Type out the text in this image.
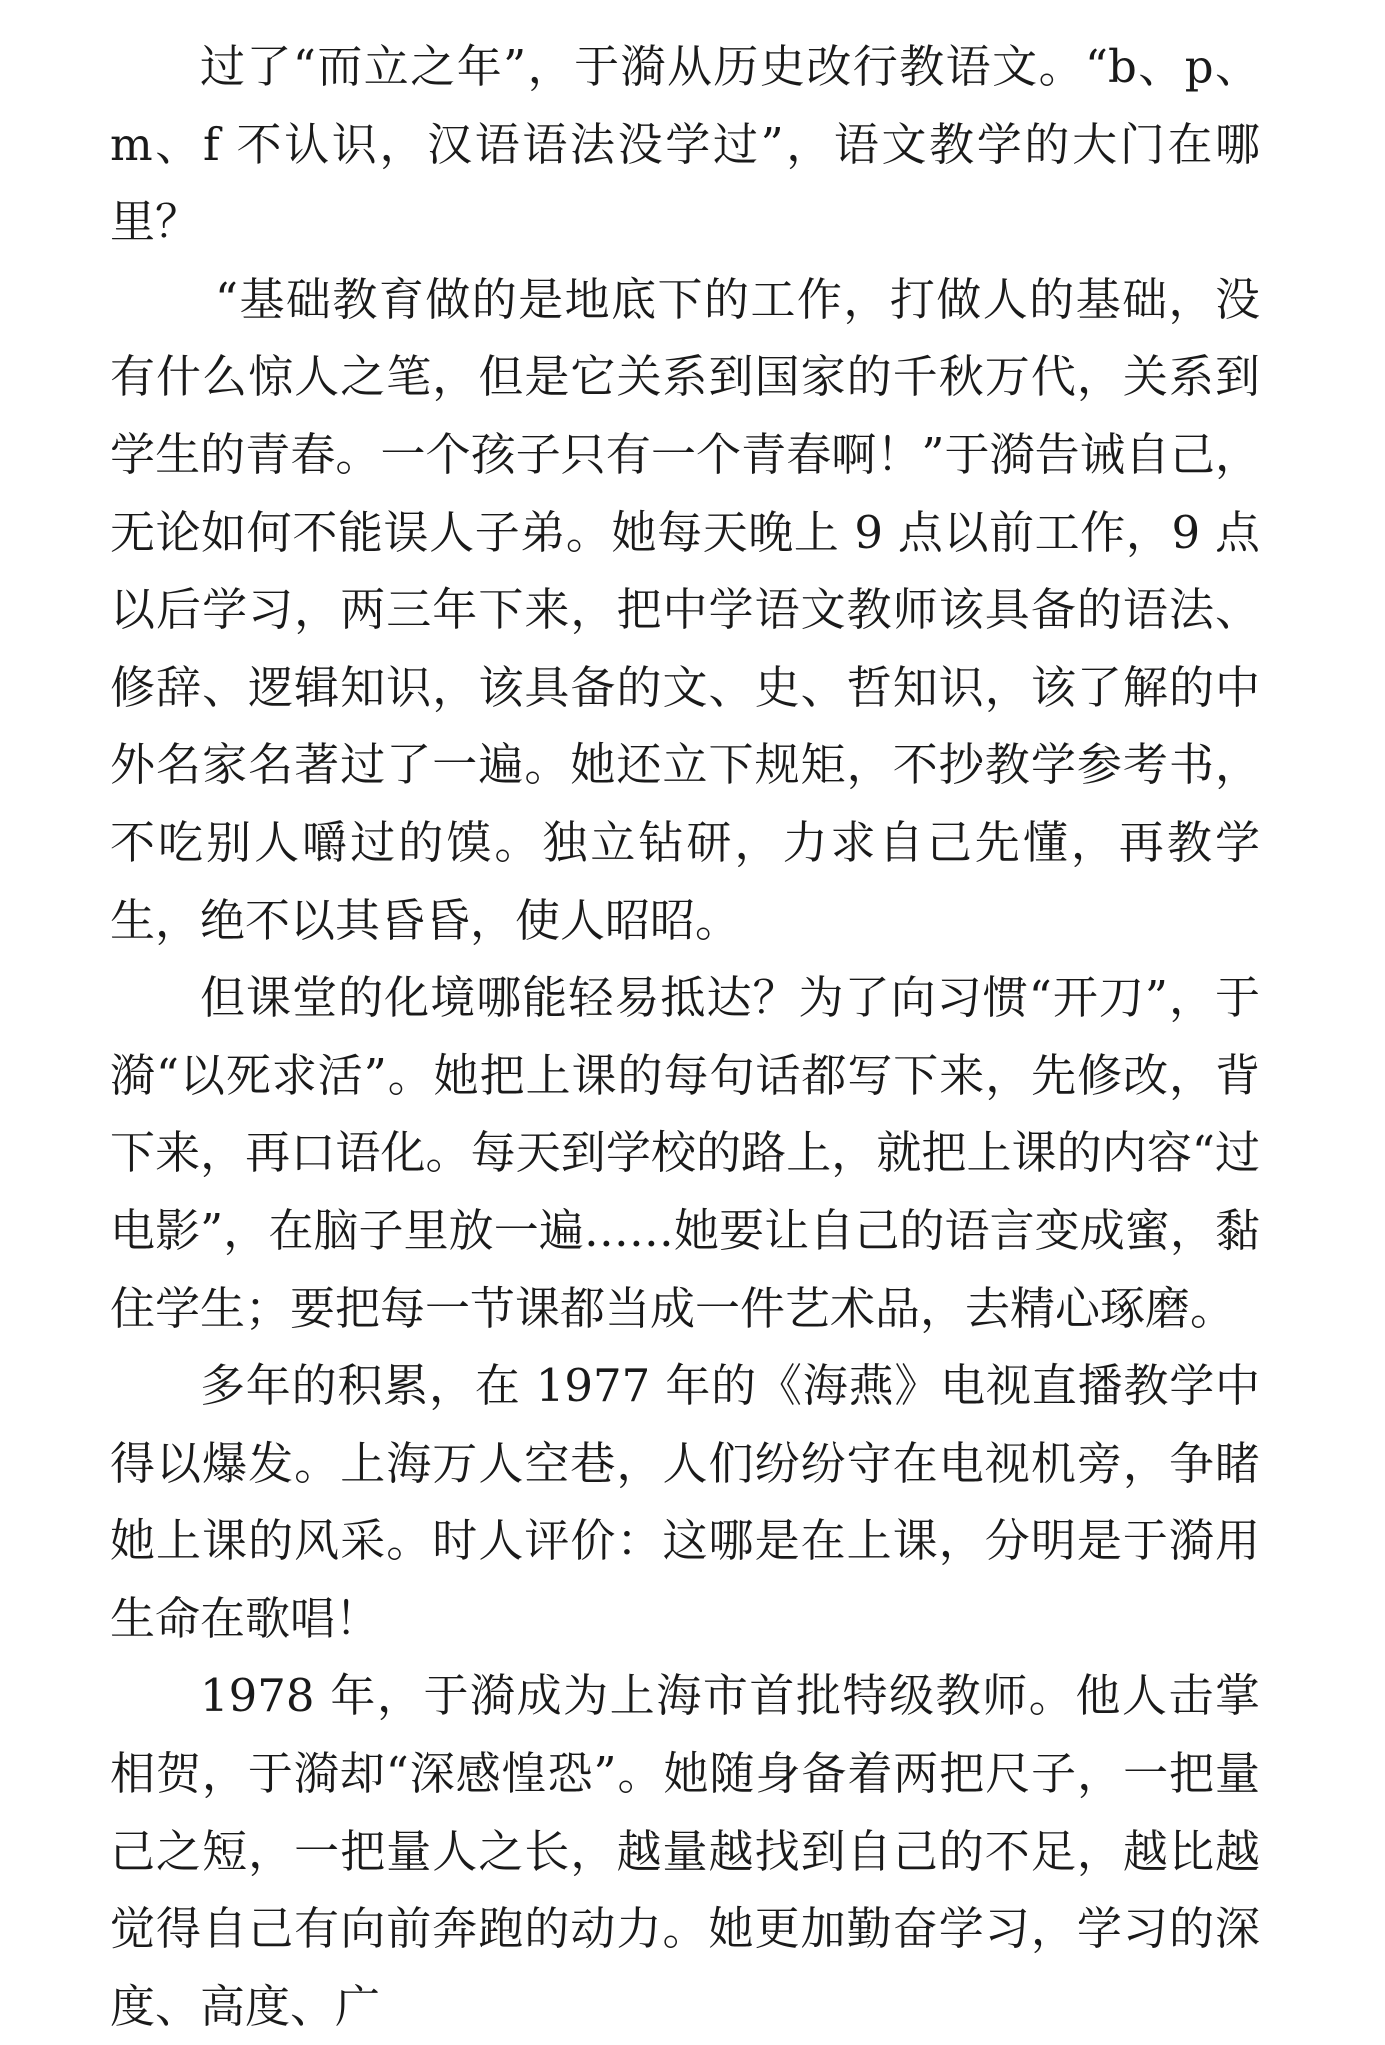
过了“而立之年”，于漪从历史改行教语文。“b、p、m、f 不认识，汉语语法没学过”，语文教学的大门在哪里？

“基础教育做的是地底下的工作，打做人的基础，没有什么惊人之笔，但是它关系到国家的千秋万代，关系到学生的青春。一个孩子只有一个青春啊！”于漪告诫自己，无论如何不能误人子弟。她每天晚上 9 点以前工作，9 点以后学习，两三年下来，把中学语文教师该具备的语法、修辞、逻辑知识，该具备的文、史、哲知识，该了解的中外名家名著过了一遍。她还立下规矩，不抄教学参考书，不吃别人嚼过的馍。独立钻研，力求自己先懂，再教学生，绝不以其昏昏，使人昭昭。

但课堂的化境哪能轻易抵达？为了向习惯“开刀”，于漪“以死求活”。她把上课的每句话都写下来，先修改，背下来，再口语化。每天到学校的路上，就把上课的内容“过电影”，在脑子里放一遍……她要让自己的语言变成蜜，黏住学生；要把每一节课都当成一件艺术品，去精心琢磨。

多年的积累，在 1977 年的《海燕》电视直播教学中得以爆发。上海万人空巷，人们纷纷守在电视机旁，争睹她上课的风采。时人评价：这哪是在上课，分明是于漪用生命在歌唱！

1978 年，于漪成为上海市首批特级教师。他人击掌相贺，于漪却“深感惶恐”。她随身备着两把尺子，一把量己之短，一把量人之长，越量越找到自己的不足，越比越觉得自己有向前奔跑的动力。她更加勤奋学习，学习的深度、高度、广
